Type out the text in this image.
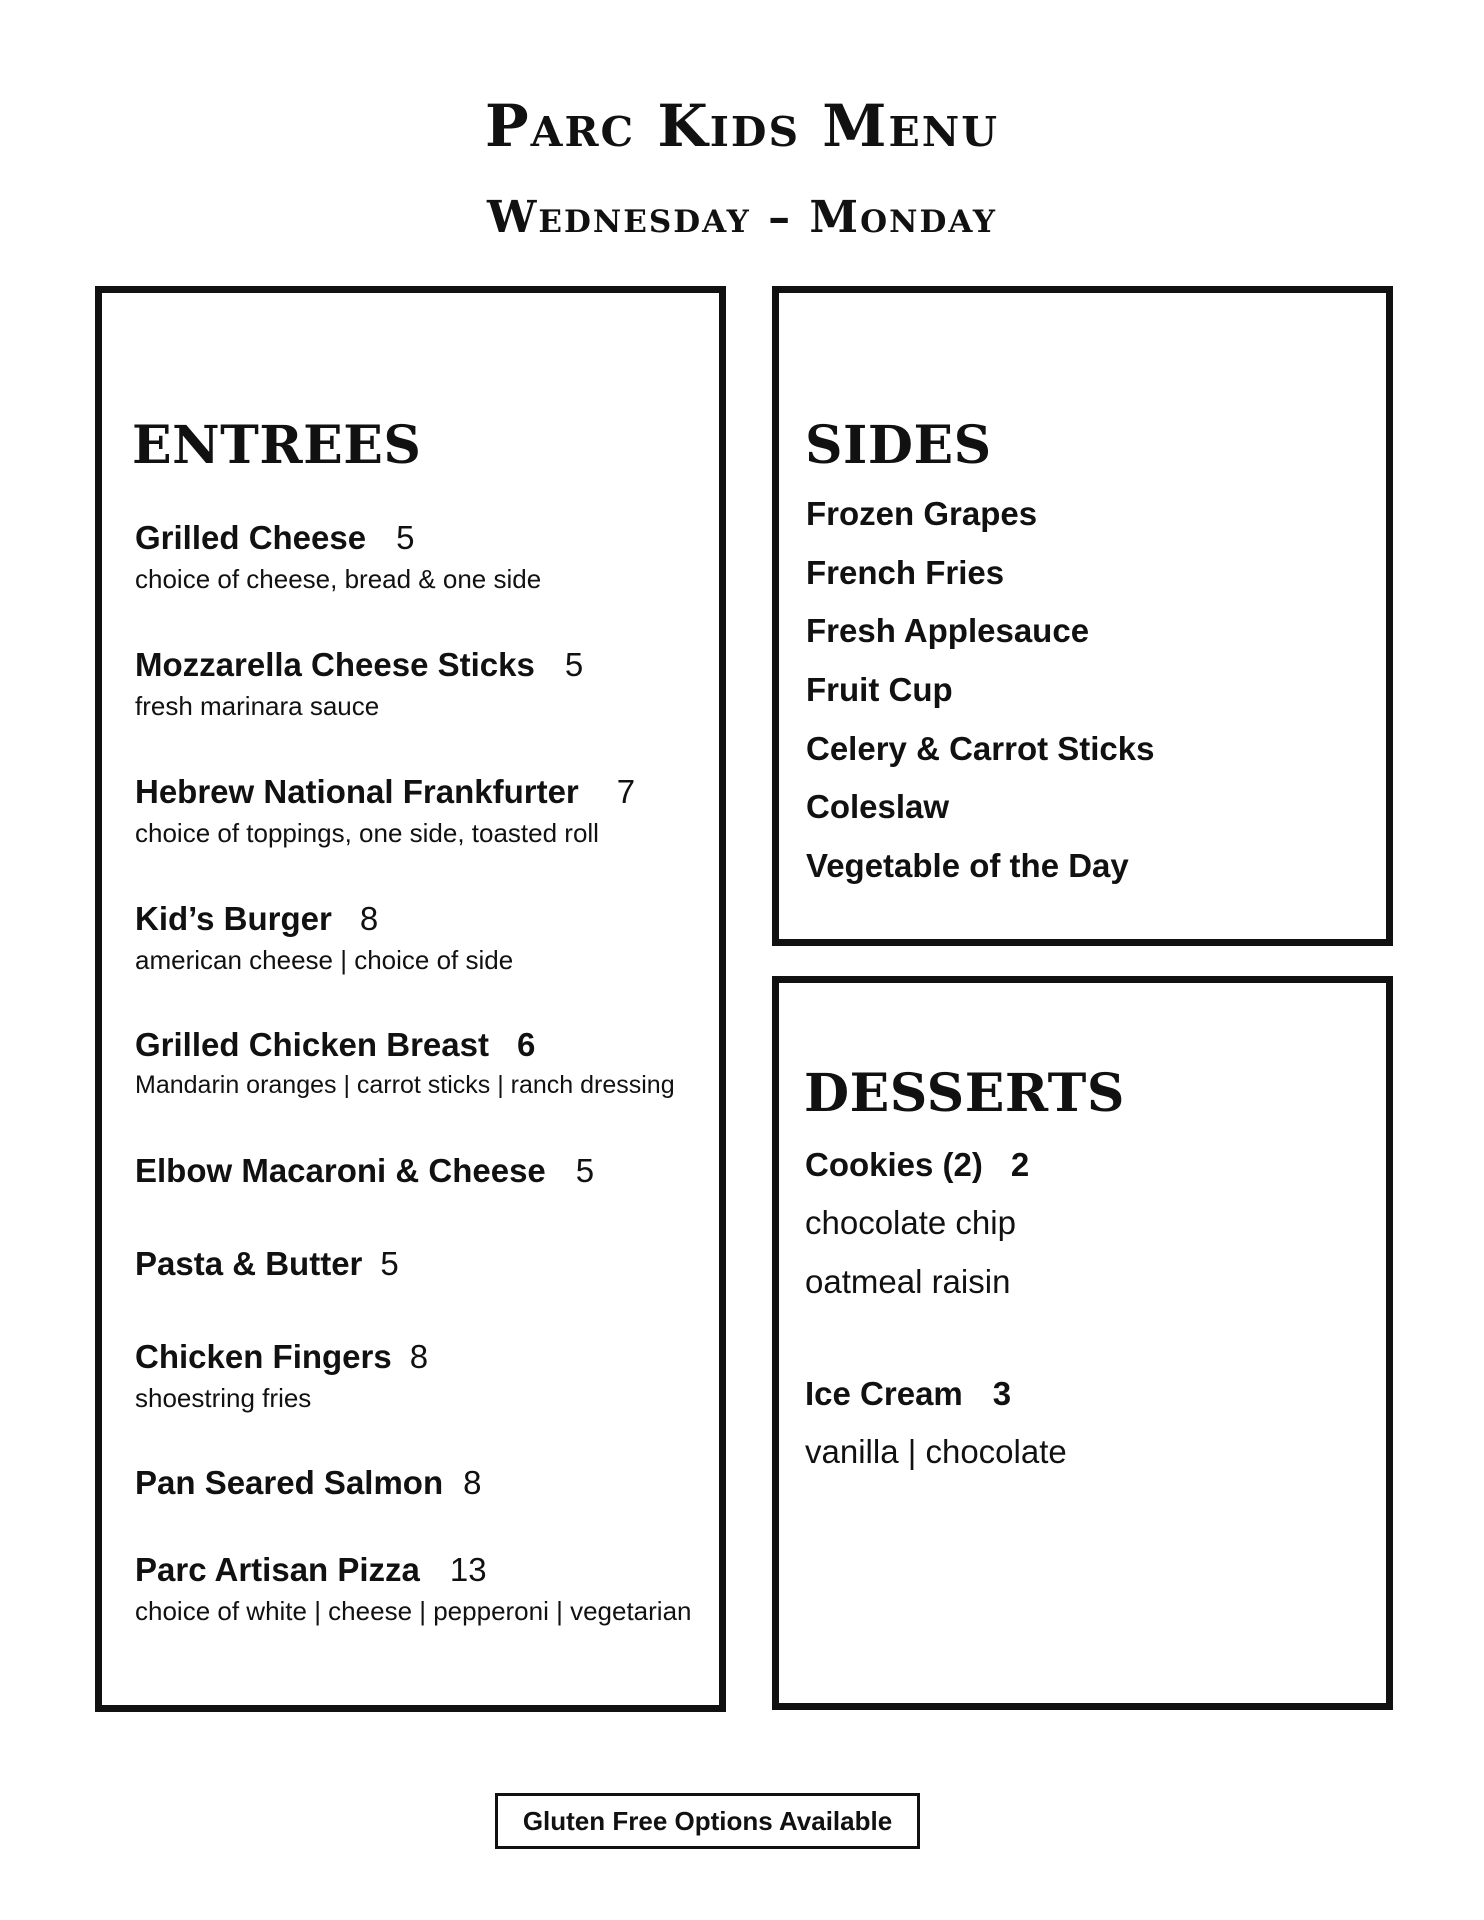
Parc Kids Menu
Wednesday – Monday
ENTREES
Grilled Cheese 5
choice of cheese, bread & one side
Mozzarella Cheese Sticks 5
fresh marinara sauce
Hebrew National Frankfurter 7
choice of toppings, one side, toasted roll
Kid’s Burger 8
american cheese | choice of side
Grilled Chicken Breast 6
Mandarin oranges | carrot sticks | ranch dressing
Elbow Macaroni & Cheese 5
Pasta & Butter 5
Chicken Fingers 8
shoestring fries
Pan Seared Salmon 8
Parc Artisan Pizza 13
choice of white | cheese | pepperoni | vegetarian
SIDES
Frozen Grapes
French Fries
Fresh Applesauce
Fruit Cup
Celery & Carrot Sticks
Coleslaw
Vegetable of the Day
DESSERTS
Cookies (2) 2
chocolate chip
oatmeal raisin
Ice Cream 3
vanilla | chocolate
Gluten Free Options Available
